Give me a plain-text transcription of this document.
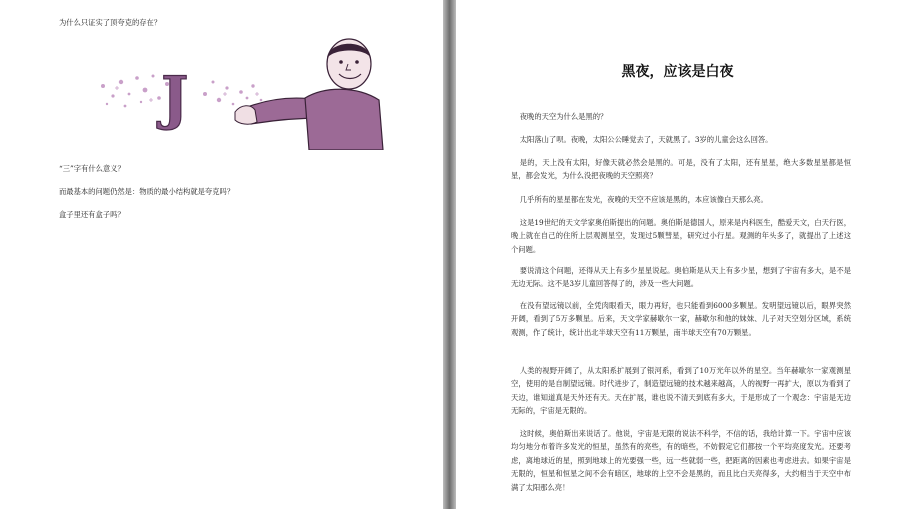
为什么只证实了顶夸克的存在？

J

“三”字有什么意义？

而最基本的问题仍然是：物质的最小结构就是夸克吗？

盒子里还有盒子吗？

黑夜，应该是白夜

夜晚的天空为什么是黑的？

太阳落山了呗。夜晚，太阳公公睡觉去了，天就黑了。3岁的儿童会这么回答。

是的，天上没有太阳，好像天就必然会是黑的。可是，没有了太阳，还有星星，绝大多数星星都是恒星，都会发光，为什么没把夜晚的天空照亮？

几乎所有的星星都在发光，夜晚的天空不应该是黑的，本应该像白天那么亮。

这是19世纪的天文学家奥伯斯提出的问题。奥伯斯是德国人，原来是内科医生，酷爱天文，白天行医，晚上就在自己的住所上层观测星空，发现过5颗彗星，研究过小行星。观测的年头多了，就提出了上述这个问题。

要说清这个问题，还得从天上有多少星星说起。奥伯斯是从天上有多少星，想到了宇宙有多大，是不是无边无际。这不是3岁儿童回答得了的，涉及一些大问题。

在没有望远镜以前，全凭肉眼看天，眼力再好，也只能看到6000多颗星。发明望远镜以后，眼界突然开阔，看到了5万多颗星。后来，天文学家赫歇尔一家，赫歇尔和他的妹妹、儿子对天空划分区域，系统观测，作了统计，统计出北半球天空有11万颗星，南半球天空有70万颗星。

人类的视野开阔了，从太阳系扩展到了银河系，看到了10万光年以外的星空。当年赫歇尔一家观测星空，使用的是自制望远镜。时代进步了，制造望远镜的技术越来越高，人的视野一再扩大，原以为看到了天边，谁知道真是天外还有天。天在扩展，谁也说不清天到底有多大，于是形成了一个观念：宇宙是无边无际的，宇宙是无限的。

这时候，奥伯斯出来说话了。他说，宇宙是无限的说法不科学，不信的话，我给计算一下。宇宙中应该均匀地分布着许多发光的恒星，虽然有的亮些，有的暗些，不妨假定它们都按一个平均亮度发光。还要考虑，离地球近的星，照到地球上的光要强一些，远一些就弱一些，把距离的因素也考虑进去。如果宇宙是无限的，恒星和恒星之间不会有暗区，地球的上空不会是黑的，而且比白天亮得多，大约相当于天空中布满了太阳那么亮！
